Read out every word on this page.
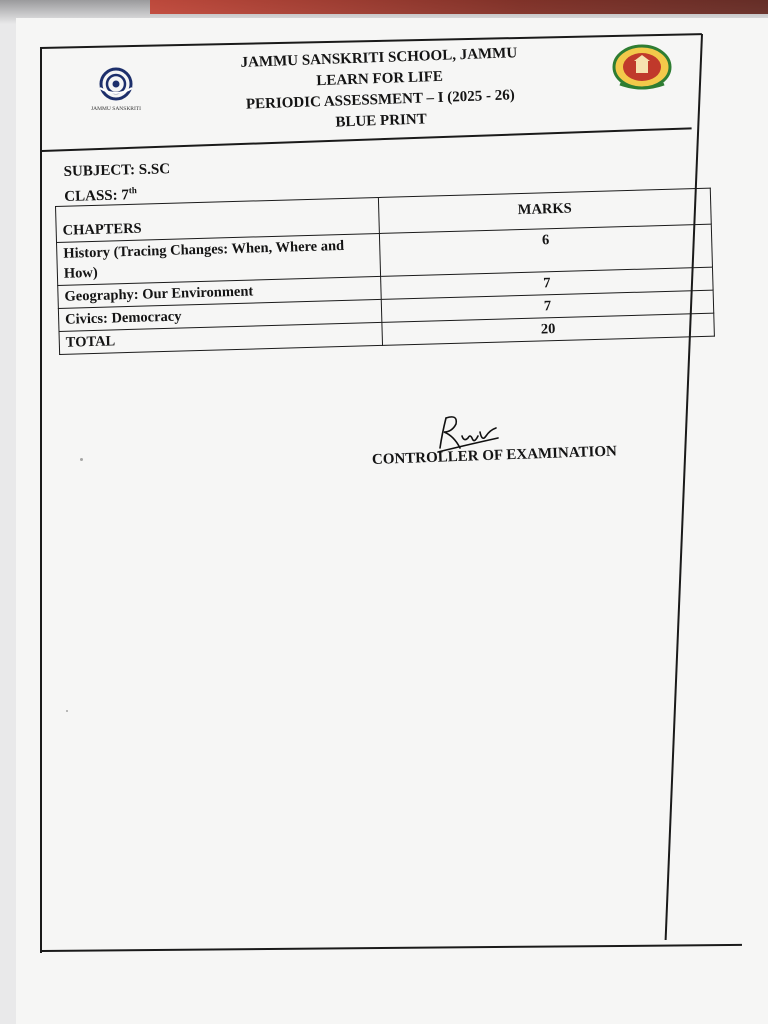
JAMMU SANSKRITI
JAMMU SANSKRITI SCHOOL, JAMMU
LEARN FOR LIFE
PERIODIC ASSESSMENT – I (2025 - 26)
BLUE PRINT
SUBJECT: S.SC
CLASS: 7th
CHAPTERS	MARKS
History (Tracing Changes: When, Where and How)	6
Geography: Our Environment	7
Civics: Democracy	7
TOTAL	20
CONTROLLER OF EXAMINATION
